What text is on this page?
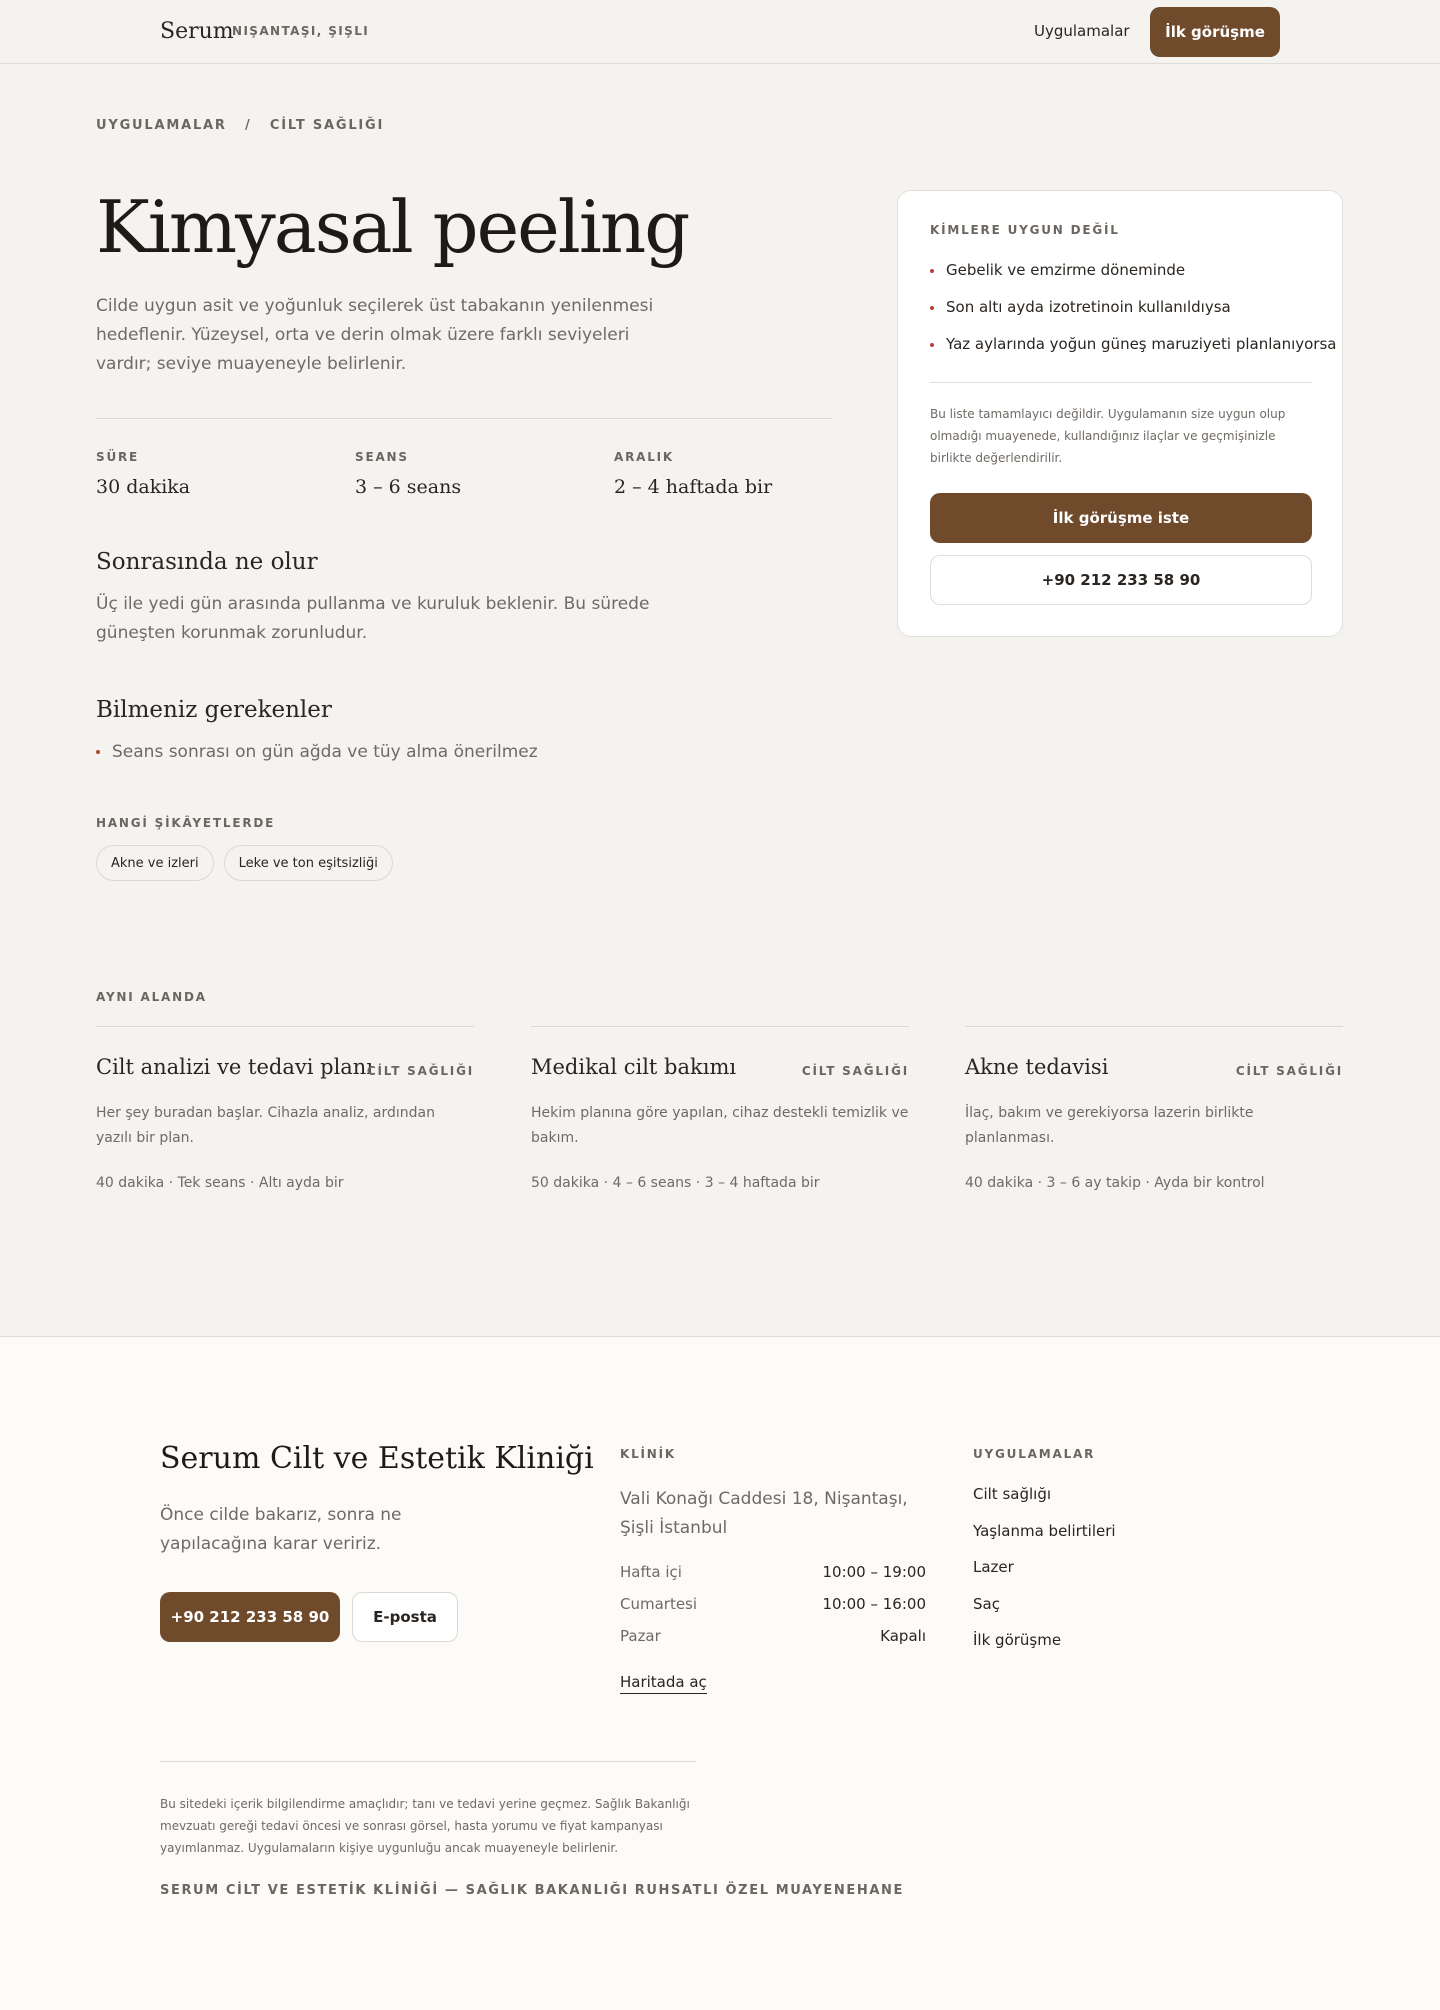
Serum
NIŞANTAŞI, ŞIŞLI	Uygulamalar	İlk görüşme
UYGULAMALAR / CİLT SAĞLIĞI
Kimyasal peeling

Cilde uygun asit ve yoğunluk seçilerek üst tabakanın yenilenmesi hedeflenir. Yüzeysel, orta ve derin olmak üzere farklı seviyeleri vardır; seviye muayeneyle belirlenir.

SÜRE
30 dakika
SEANS
3 – 6 seans
ARALIK
2 – 4 haftada bir
Sonrasında ne olur

Üç ile yedi gün arasında pullanma ve kuruluk beklenir. Bu sürede güneşten korunmak zorunludur.

Bilmeniz gerekenler
Seans sonrası on gün ağda ve tüy alma önerilmez
HANGİ ŞİKÂYETLERDE
Akne ve izleri	Leke ve ton eşitsizliği
KİMLERE UYGUN DEĞİL
Gebelik ve emzirme döneminde
Son altı ayda izotretinoin kullanıldıysa
Yaz aylarında yoğun güneş maruziyeti planlanıyorsa

Bu liste tamamlayıcı değildir. Uygulamanın size uygun olup olmadığı muayenede, kullandığınız ilaçlar ve geçmişinizle birlikte değerlendirilir.

İlk görüşme iste
+90 212 233 58 90
AYNI ALANDA
Cilt analizi ve tedavi planı
CİLT SAĞLIĞI

Her şey buradan başlar. Cihazla analiz, ardından yazılı bir plan.

40 dakika · Tek seans · Altı ayda bir
Medikal cilt bakımı	CİLT SAĞLIĞI

Hekim planına göre yapılan, cihaz destekli temizlik ve bakım.

50 dakika · 4 – 6 seans · 3 – 4 haftada bir
Akne tedavisi	CİLT SAĞLIĞI

İlaç, bakım ve gerekiyorsa lazerin birlikte planlanması.

40 dakika · 3 – 6 ay takip · Ayda bir kontrol
Serum Cilt ve Estetik Kliniği

Önce cilde bakarız, sonra ne yapılacağına karar veririz.

+90 212 233 58 90	E-posta
KLİNİK

Vali Konağı Caddesi 18, Nişantaşı, Şişli İstanbul

Hafta içi	10:00 – 19:00
Cumartesi	10:00 – 16:00
Pazar	Kapalı
Haritada aç
UYGULAMALAR
Cilt sağlığı
Yaşlanma belirtileri
Lazer
Saç
İlk görüşme

Bu sitedeki içerik bilgilendirme amaçlıdır; tanı ve tedavi yerine geçmez. Sağlık Bakanlığı mevzuatı gereği tedavi öncesi ve sonrası görsel, hasta yorumu ve fiyat kampanyası yayımlanmaz. Uygulamaların kişiye uygunluğu ancak muayeneyle belirlenir.

SERUM CİLT VE ESTETİK KLİNİĞİ — SAĞLIK BAKANLIĞI RUHSATLI ÖZEL MUAYENEHANE
